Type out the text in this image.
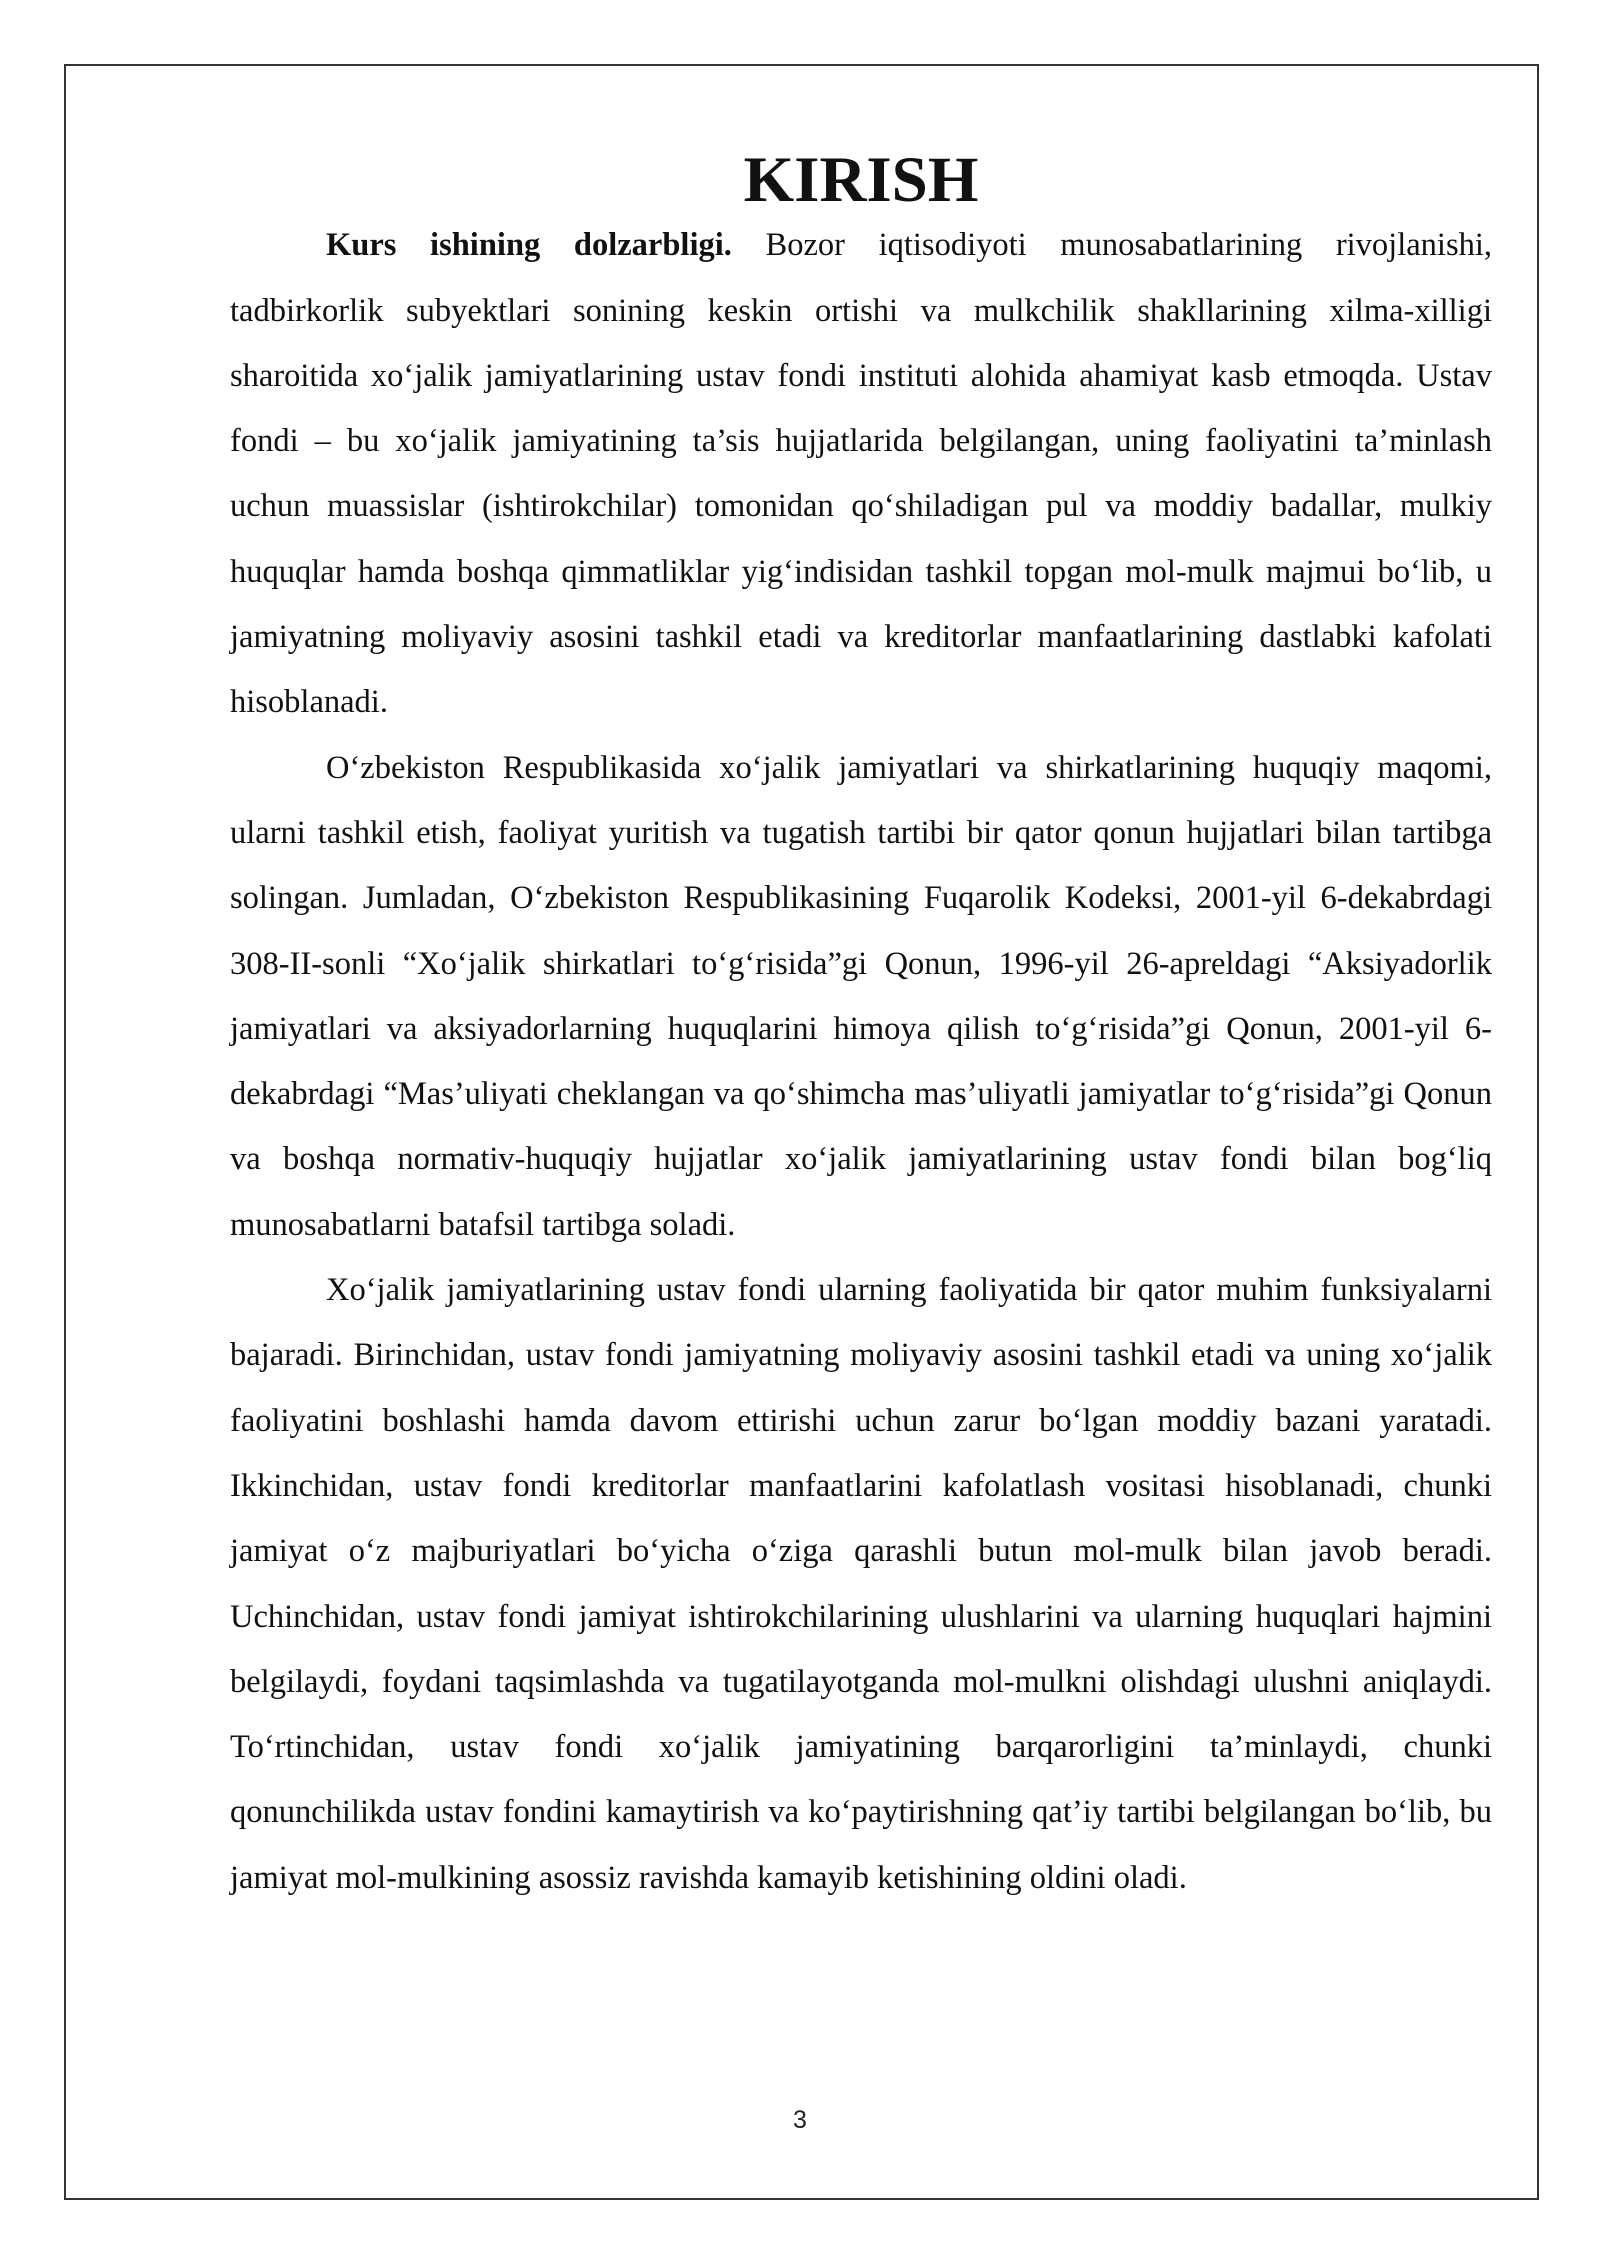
KIRISH

Kurs ishining dolzarbligi. Bozor iqtisodiyoti munosabatlarining rivojlanishi, tadbirkorlik subyektlari sonining keskin ortishi va mulkchilik shakllarining xilma-xilligi sharoitida xo‘jalik jamiyatlarining ustav fondi instituti alohida ahamiyat kasb etmoqda. Ustav fondi – bu xo‘jalik jamiyatining ta’sis hujjatlarida belgilangan, uning faoliyatini ta’minlash uchun muassislar (ishtirokchilar) tomonidan qo‘shiladigan pul va moddiy badallar, mulkiy huquqlar hamda boshqa qimmatliklar yig‘indisidan tashkil topgan mol-mulk majmui bo‘lib, u jamiyatning moliyaviy asosini tashkil etadi va kreditorlar manfaatlarining dastlabki kafolati hisoblanadi.

O‘zbekiston Respublikasida xo‘jalik jamiyatlari va shirkatlarining huquqiy maqomi, ularni tashkil etish, faoliyat yuritish va tugatish tartibi bir qator qonun hujjatlari bilan tartibga solingan. Jumladan, O‘zbekiston Respublikasining Fuqarolik Kodeksi, 2001-yil 6-dekabrdagi 308-II-sonli “Xo‘jalik shirkatlari to‘g‘risida”gi Qonun, 1996-yil 26-apreldagi “Aksiyadorlik jamiyatlari va aksiyadorlarning huquqlarini himoya qilish to‘g‘risida”gi Qonun, 2001-yil 6-dekabrdagi “Mas’uliyati cheklangan va qo‘shimcha mas’uliyatli jamiyatlar to‘g‘risida”gi Qonun va boshqa normativ-huquqiy hujjatlar xo‘jalik jamiyatlarining ustav fondi bilan bog‘liq munosabatlarni batafsil tartibga soladi.

Xo‘jalik jamiyatlarining ustav fondi ularning faoliyatida bir qator muhim funksiyalarni bajaradi. Birinchidan, ustav fondi jamiyatning moliyaviy asosini tashkil etadi va uning xo‘jalik faoliyatini boshlashi hamda davom ettirishi uchun zarur bo‘lgan moddiy bazani yaratadi. Ikkinchidan, ustav fondi kreditorlar manfaatlarini kafolatlash vositasi hisoblanadi, chunki jamiyat o‘z majburiyatlari bo‘yicha o‘ziga qarashli butun mol-mulk bilan javob beradi. Uchinchidan, ustav fondi jamiyat ishtirokchilarining ulushlarini va ularning huquqlari hajmini belgilaydi, foydani taqsimlashda va tugatilayotganda mol-mulkni olishdagi ulushni aniqlaydi. To‘rtinchidan, ustav fondi xo‘jalik jamiyatining barqarorligini ta’minlaydi, chunki qonunchilikda ustav fondini kamaytirish va ko‘paytirishning qat’iy tartibi belgilangan bo‘lib, bu jamiyat mol-mulkining asossiz ravishda kamayib ketishining oldini oladi.

3
